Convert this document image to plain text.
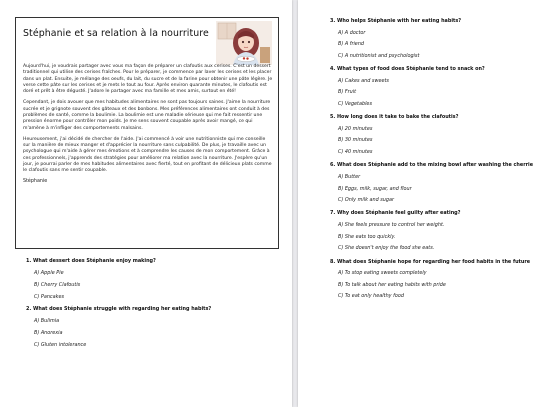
Stéphanie et sa relation à la nourriture

Aujourd'hui, je voudrais partager avec vous ma façon de préparer un clafoutis aux cerises. C'est un dessert traditionnel qui utilise des cerises fraîches. Pour le préparer, je commence par laver les cerises et les placer dans un plat. Ensuite, je mélange des oeufs, du lait, du sucre et de la farine pour obtenir une pâte légère. Je verse cette pâte sur les cerises et je mets le tout au four. Après environ quarante minutes, le clafoutis est doré et prêt à être dégusté. J'adore le partager avec ma famille et mes amis, surtout en été!

Cependant, je dois avouer que mes habitudes alimentaires ne sont pas toujours saines. J'aime la nourriture sucrée et je grignote souvent des gâteaux et des bonbons. Mes préférences alimentaires ont conduit à des problèmes de santé, comme la boulimie. La boulimie est une maladie sérieuse qui me fait ressentir une pression énorme pour contrôler mon poids. Je me sens souvent coupable après avoir mangé, ce qui m'amène à m'infliger des comportements malsains.

Heureusement, j'ai décidé de chercher de l'aide. J'ai commencé à voir une nutritionniste qui me conseille sur la manière de mieux manger et d'apprécier la nourriture sans culpabilité. De plus, je travaille avec un psychologue qui m'aide à gérer mes émotions et à comprendre les causes de mon comportement. Grâce à ces professionnels, j'apprends des stratégies pour améliorer ma relation avec la nourriture. J'espère qu'un jour, je pourrai parler de mes habitudes alimentaires avec fierté, tout en profitant de délicieux plats comme le clafoutis sans me sentir coupable.

Stéphanie
1. What dessert does Stéphanie enjoy making?
A) Apple Pie
B) Cherry Clafoutis
C) Pancakes
2. What does Stéphanie struggle with regarding her eating habits?
A) Bulimia
B) Anorexia
C) Gluten intolerance
3. Who helps Stéphanie with her eating habits?
A) A doctor
B) A friend
C) A nutritionist and psychologist
4. What types of food does Stéphanie tend to snack on?
A) Cakes and sweets
B) Fruit
C) Vegetables
5. How long does it take to bake the clafoutis?
A) 20 minutes
B) 30 minutes
C) 40 minutes
6. What does Stéphanie add to the mixing bowl after washing the cherrie
A) Butter
B) Eggs, milk, sugar, and flour
C) Only milk and sugar
7. Why does Stéphanie feel guilty after eating?
A) She feels pressure to control her weight.
B) She eats too quickly.
C) She doesn't enjoy the food she eats.
8. What does Stéphanie hope for regarding her food habits in the future
A) To stop eating sweets completely
B) To talk about her eating habits with pride
C) To eat only healthy food
